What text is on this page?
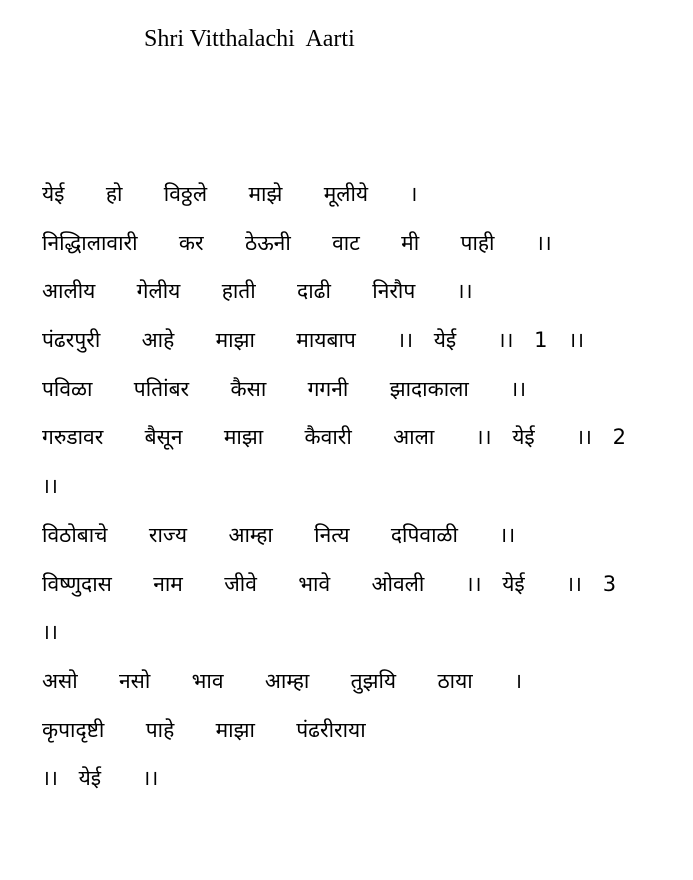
Shri Vitthalachi  Aarti
येई  हो  विठ्ठले  माझे  मूलीये  ।
निद्धिालावारी  कर  ठेऊनी  वाट  मी  पाही  ।।
आलीय  गेलीय  हाती  दाढी  निरौप  ।।
पंढरपुरी  आहे  माझा  मायबाप  ।। येई  ।। 1 ।।
पविळा  पतिांबर  कैसा  गगनी  झादाकाला  ।।
गरुडावर  बैसून  माझा  कैवारी  आला  ।। येई  ।। 2
।।
विठोबाचे  राज्य  आम्हा  नित्य  दपिवाळी  ।।
विष्णुदास  नाम  जीवे  भावे  ओवली  ।। येई  ।। 3
।।
असो  नसो  भाव  आम्हा  तुझयि  ठाया  ।
कृपादृष्टी  पाहे  माझा  पंढरीराया
।। येई  ।।
